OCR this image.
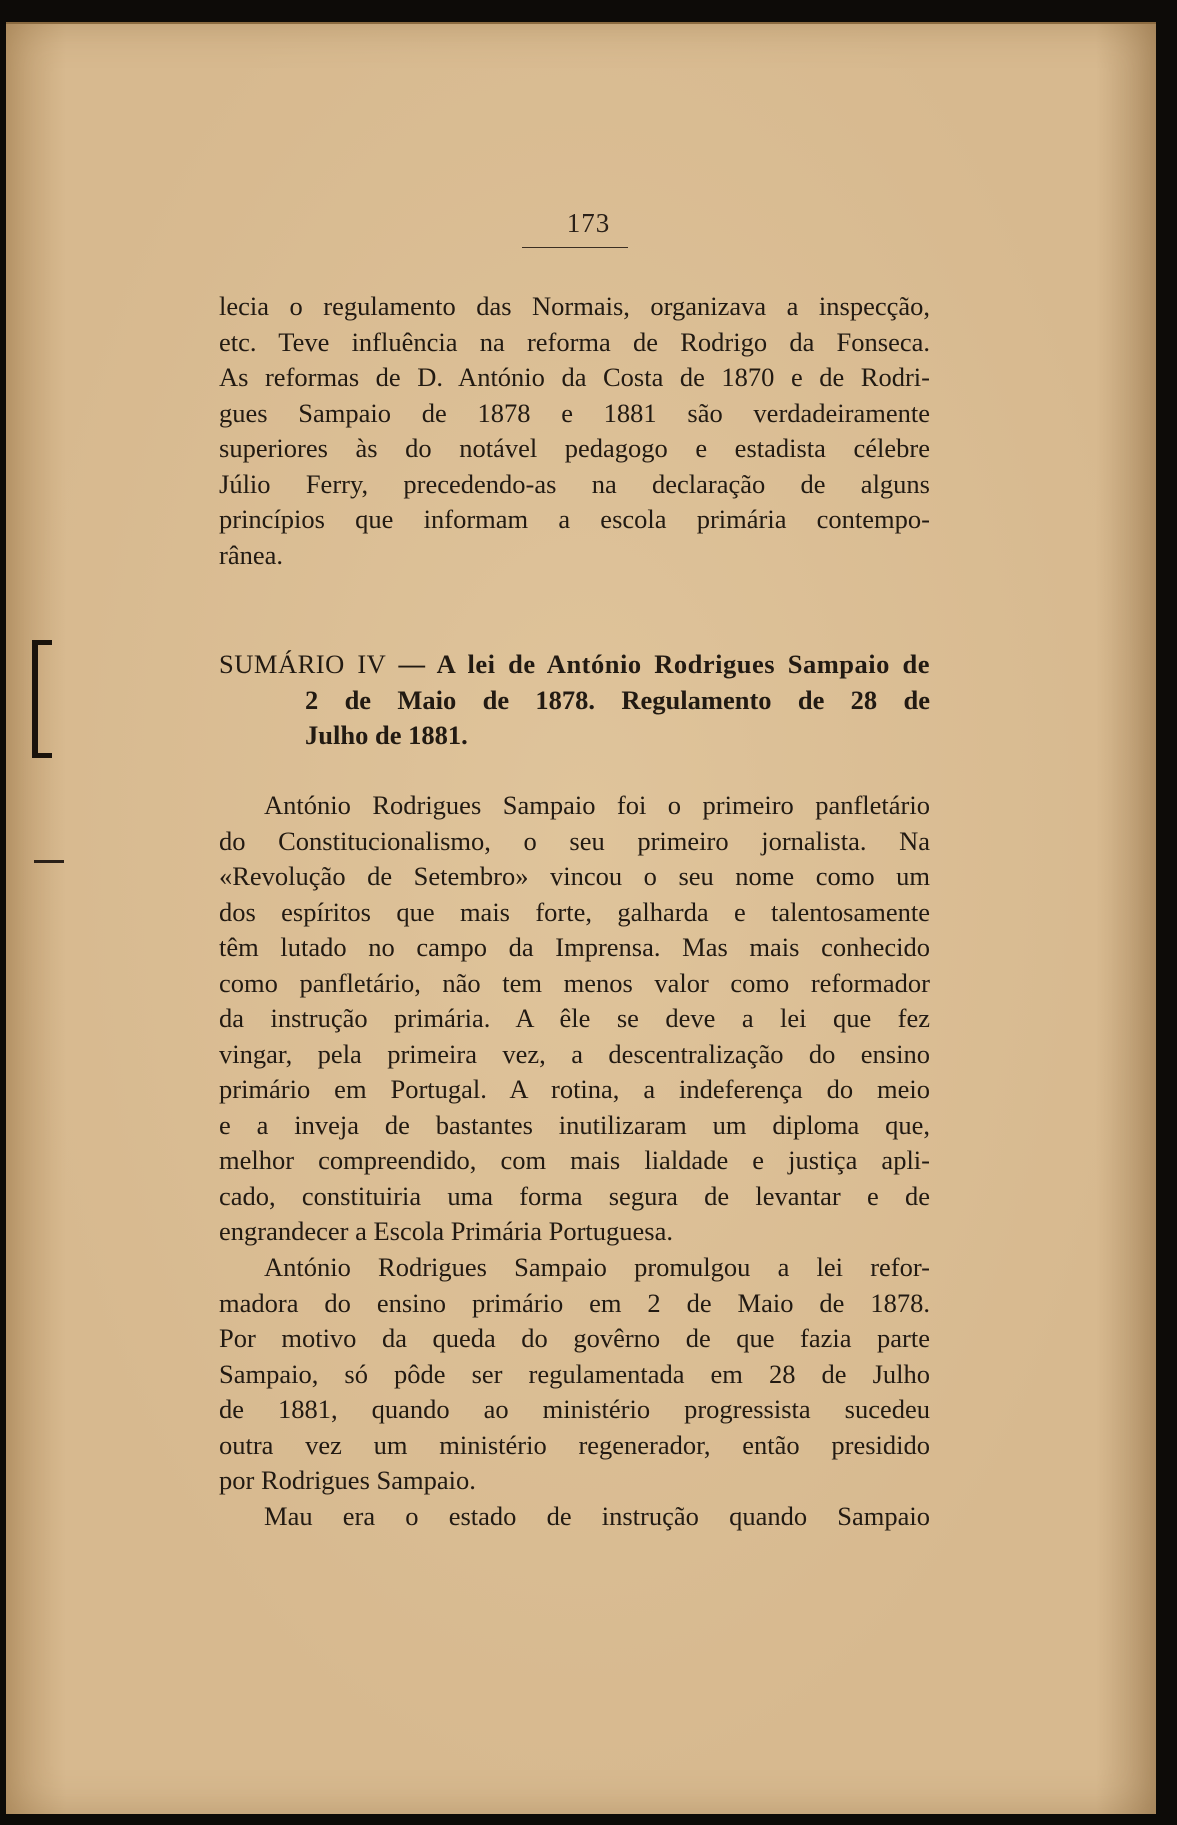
173
lecia o regulamento das Normais, organizava a inspecção,
etc. Teve influência na reforma de Rodrigo da Fonseca.
As reformas de D. António da Costa de 1870 e de Rodri-
gues Sampaio de 1878 e 1881 são verdadeiramente
superiores às do notável pedagogo e estadista célebre
Júlio Ferry, precedendo-as na declaração de alguns
princípios que informam a escola primária contempo-
rânea.
SUMÁRIO IV — A lei de António Rodrigues Sampaio de
2 de Maio de 1878. Regulamento de 28 de
Julho de 1881.
António Rodrigues Sampaio foi o primeiro panfletário
do Constitucionalismo, o seu primeiro jornalista. Na
«Revolução de Setembro» vincou o seu nome como um
dos espíritos que mais forte, galharda e talentosamente
têm lutado no campo da Imprensa. Mas mais conhecido
como panfletário, não tem menos valor como reformador
da instrução primária. A êle se deve a lei que fez
vingar, pela primeira vez, a descentralização do ensino
primário em Portugal. A rotina, a indeferença do meio
e a inveja de bastantes inutilizaram um diploma que,
melhor compreendido, com mais lialdade e justiça apli-
cado, constituiria uma forma segura de levantar e de
engrandecer a Escola Primária Portuguesa.
António Rodrigues Sampaio promulgou a lei refor-
madora do ensino primário em 2 de Maio de 1878.
Por motivo da queda do govêrno de que fazia parte
Sampaio, só pôde ser regulamentada em 28 de Julho
de 1881, quando ao ministério progressista sucedeu
outra vez um ministério regenerador, então presidido
por Rodrigues Sampaio.
Mau era o estado de instrução quando Sampaio
